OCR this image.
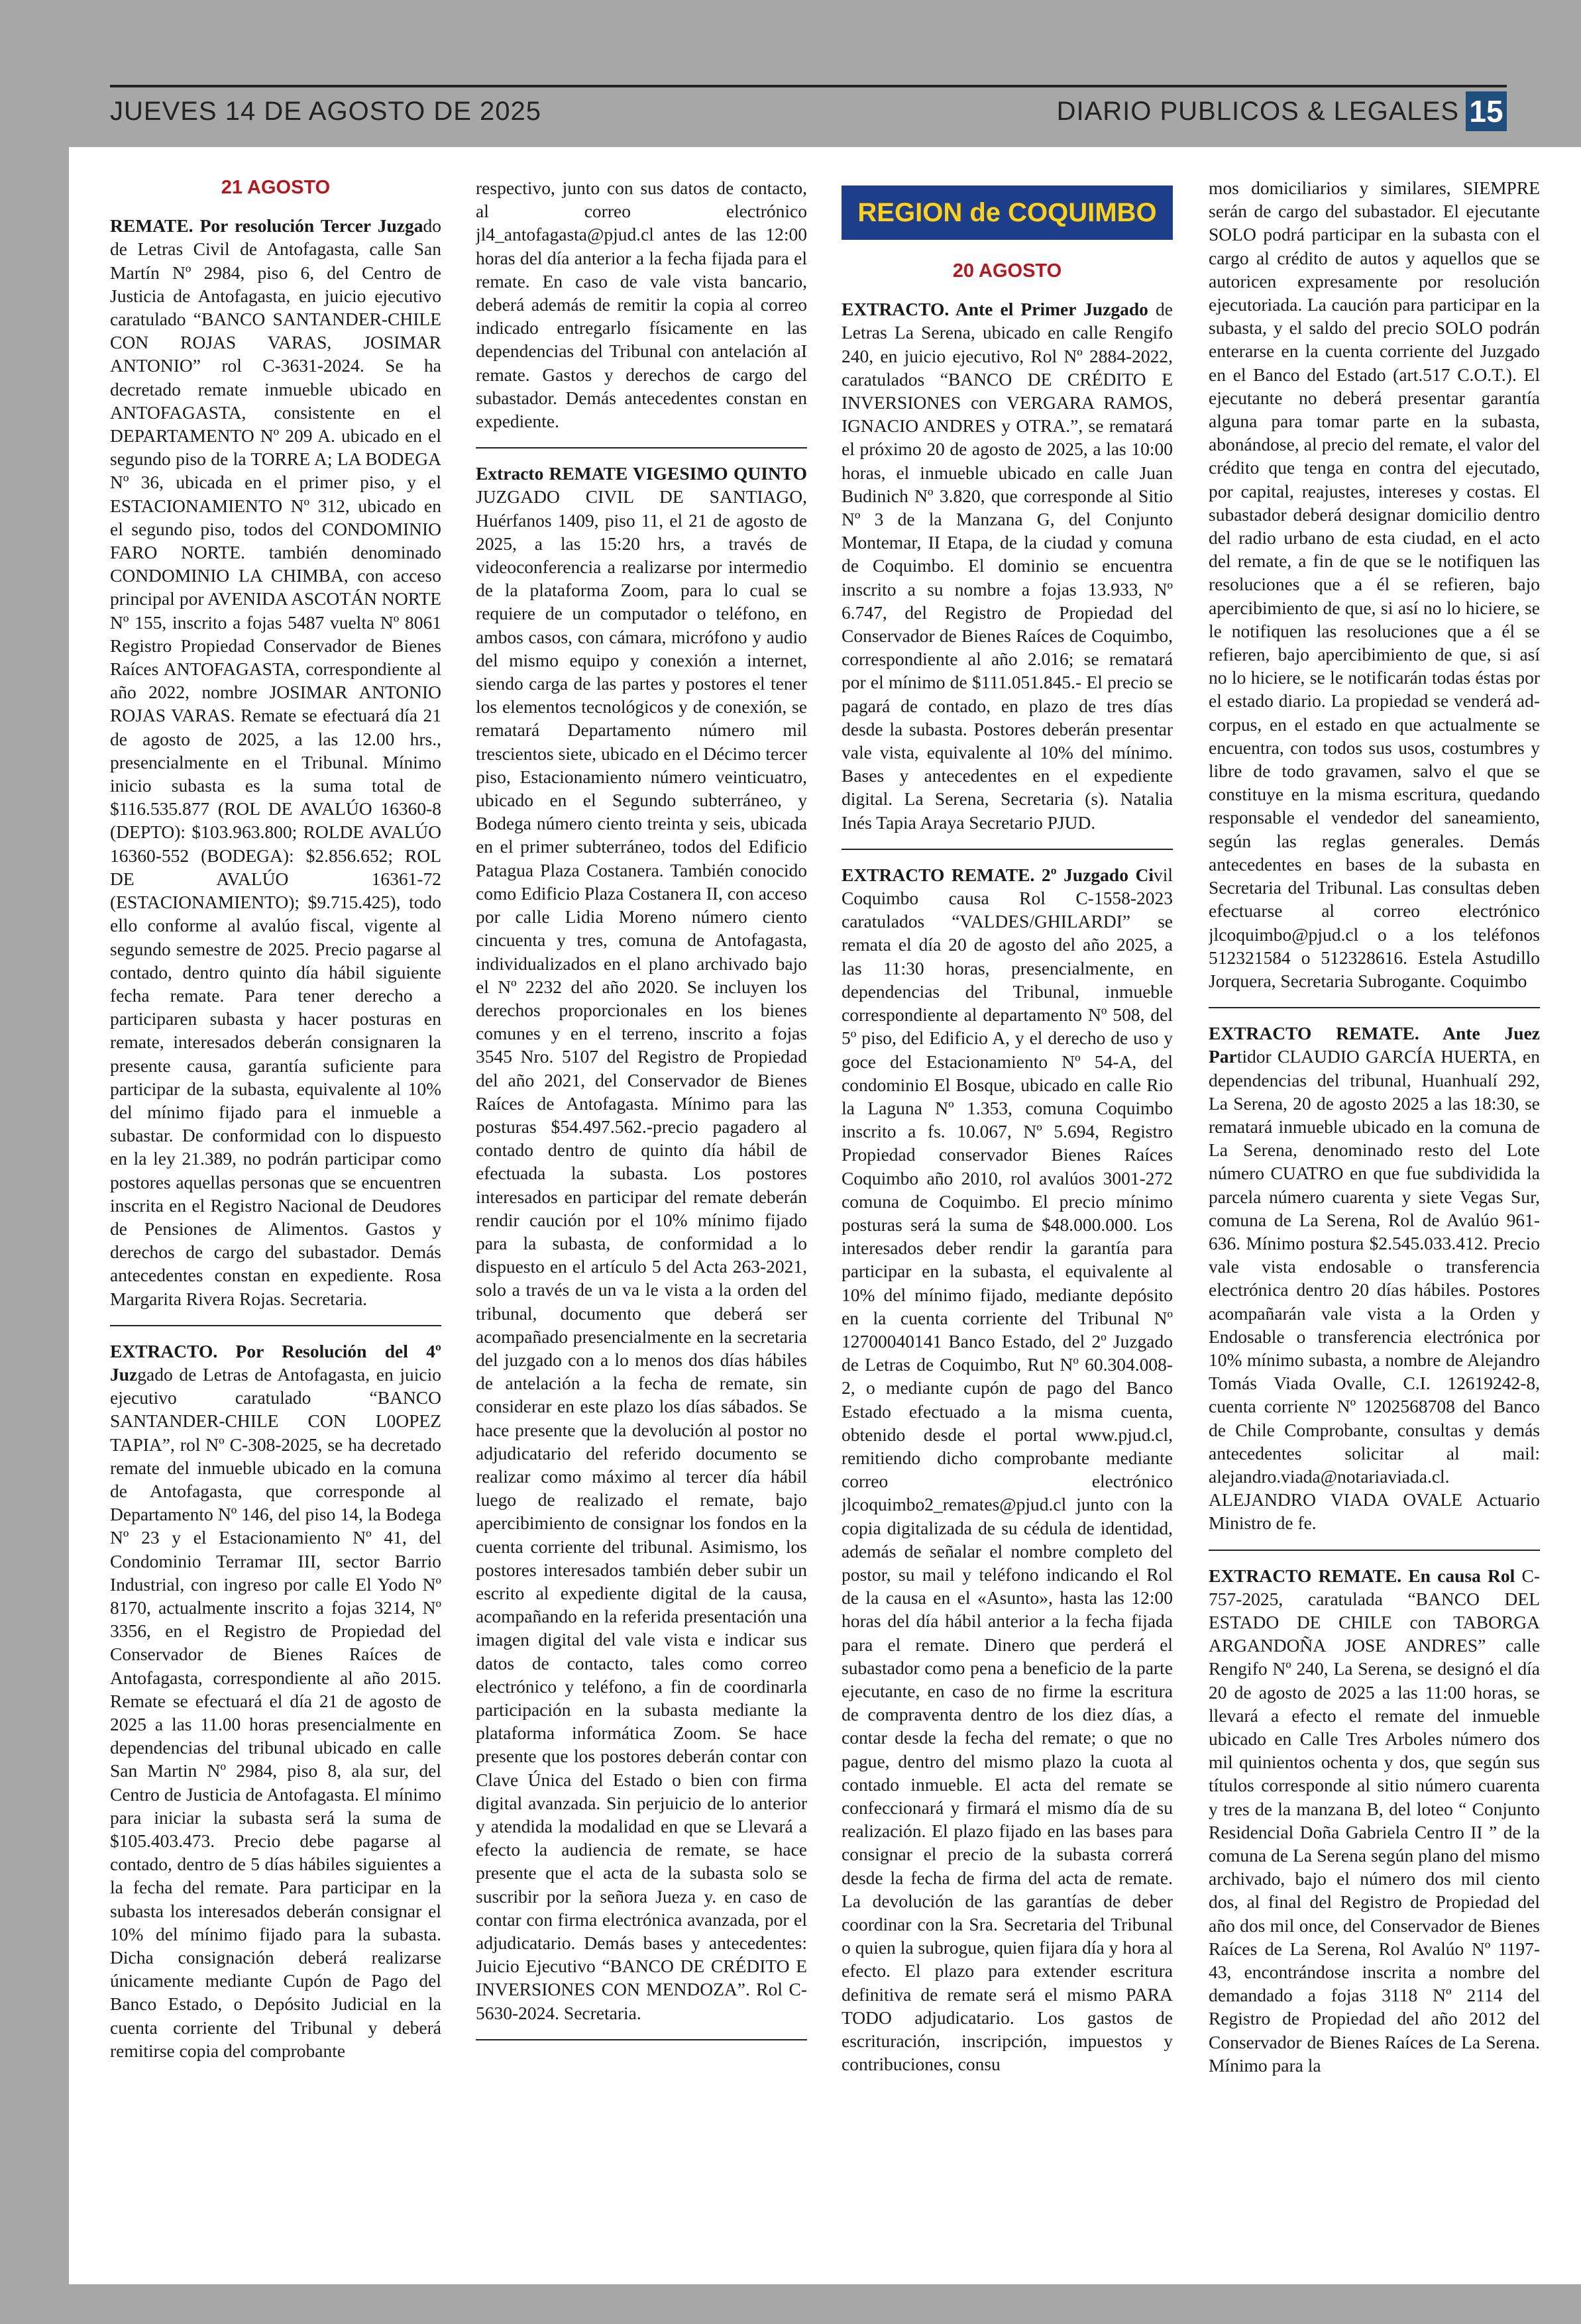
JUEVES 14 DE AGOSTO DE 2025	DIARIO PUBLICOS & LEGALES 15
21 AGOSTO

REMATE. Por resolución Tercer Juzgado de Letras Civil de Antofagasta, calle San Martín Nº 2984, piso 6, del Centro de Justicia de Antofagasta, en juicio ejecutivo caratulado “BANCO SANTANDER-CHILE CON ROJAS VARAS, JOSIMAR ANTONIO” rol C-3631-2024. Se ha decretado remate inmueble ubicado en ANTOFAGASTA, consistente en el DEPARTAMENTO Nº 209 A. ubicado en el segundo piso de la TORRE A; LA BODEGA Nº 36, ubicada en el primer piso, y el ESTACIONAMIENTO Nº 312, ubicado en el segundo piso, todos del CONDOMINIO FARO NORTE. también denominado CONDOMINIO LA CHIMBA, con acceso principal por AVENIDA ASCOTÁN NORTE Nº 155, inscrito a fojas 5487 vuelta Nº 8061 Registro Propiedad Conservador de Bienes Raíces ANTOFAGASTA, correspondiente al año 2022, nombre JOSIMAR ANTONIO ROJAS VARAS. Remate se efectuará día 21 de agosto de 2025, a las 12.00 hrs., presencialmente en el Tribunal. Mínimo inicio subasta es la suma total de $116.535.877 (ROL DE AVALÚO 16360-8 (DEPTO): $103.963.800; ROLDE AVALÚO 16360-552 (BODEGA): $2.856.652; ROL DE AVALÚO 16361-72 (ESTACIONAMIENTO); $9.715.425), todo ello conforme al avalúo fiscal, vigente al segundo semestre de 2025. Precio pagarse al contado, dentro quinto día hábil siguiente fecha remate. Para tener derecho a participaren subasta y hacer posturas en remate, interesados deberán consignaren la presente causa, garantía suficiente para participar de la subasta, equivalente al 10% del mínimo fijado para el inmueble a subastar. De conformidad con lo dispuesto en la ley 21.389, no podrán participar como postores aquellas personas que se encuentren inscrita en el Registro Nacional de Deudores de Pensiones de Alimentos. Gastos y derechos de cargo del subastador. Demás antecedentes constan en expediente. Rosa Margarita Rivera Rojas. Secretaria.

EXTRACTO. Por Resolución del 4º Juzgado de Letras de Antofagasta, en juicio ejecutivo caratulado “BANCO SANTANDER-CHILE CON L0OPEZ TAPIA”, rol Nº C-308-2025, se ha decretado remate del inmueble ubicado en la comuna de Antofagasta, que corresponde al Departamento Nº 146, del piso 14, la Bodega Nº 23 y el Estacionamiento Nº 41, del Condominio Terramar III, sector Barrio Industrial, con ingreso por calle El Yodo Nº 8170, actualmente inscrito a fojas 3214, Nº 3356, en el Registro de Propiedad del Conservador de Bienes Raíces de Antofagasta, correspondiente al año 2015. Remate se efectuará el día 21 de agosto de 2025 a las 11.00 horas presencialmente en dependencias del tribunal ubicado en calle San Martin Nº 2984, piso 8, ala sur, del Centro de Justicia de Antofagasta. El mínimo para iniciar la subasta será la suma de $105.403.473. Precio debe pagarse al contado, dentro de 5 días hábiles siguientes a la fecha del remate. Para participar en la subasta los interesados deberán consignar el 10% del mínimo fijado para la subasta. Dicha consignación deberá realizarse únicamente mediante Cupón de Pago del Banco Estado, o Depósito Judicial en la cuenta corriente del Tribunal y deberá remitirse copia del comprobante

respectivo, junto con sus datos de contacto, al correo electrónico jl4_antofagasta@pjud.cl antes de las 12:00 horas del día anterior a la fecha fijada para el remate. En caso de vale vista bancario, deberá además de remitir la copia al correo indicado entregarlo físicamente en las dependencias del Tribunal con antelación aI remate. Gastos y derechos de cargo del subastador. Demás antecedentes constan en expediente.

Extracto REMATE VIGESIMO QUINTO JUZGADO CIVIL DE SANTIAGO, Huérfanos 1409, piso 11, el 21 de agosto de 2025, a las 15:20 hrs, a través de videoconferencia a realizarse por intermedio de la plataforma Zoom, para lo cual se requiere de un computador o teléfono, en ambos casos, con cámara, micrófono y audio del mismo equipo y conexión a internet, siendo carga de las partes y postores el tener los elementos tecnológicos y de conexión, se rematará Departamento número mil trescientos siete, ubicado en el Décimo tercer piso, Estacionamiento número veinticuatro, ubicado en el Segundo subterráneo, y Bodega número ciento treinta y seis, ubicada en el primer subterráneo, todos del Edificio Patagua Plaza Costanera. También conocido como Edificio Plaza Costanera II, con acceso por calle Lidia Moreno número ciento cincuenta y tres, comuna de Antofagasta, individualizados en el plano archivado bajo el Nº 2232 del año 2020. Se incluyen los derechos proporcionales en los bienes comunes y en el terreno, inscrito a fojas 3545 Nro. 5107 del Registro de Propiedad del año 2021, del Conservador de Bienes Raíces de Antofagasta. Mínimo para las posturas $54.497.562.-precio pagadero al contado dentro de quinto día hábil de efectuada la subasta. Los postores interesados en participar del remate deberán rendir caución por el 10% mínimo fijado para la subasta, de conformidad a lo dispuesto en el artículo 5 del Acta 263-2021, solo a través de un va le vista a la orden del tribunal, documento que deberá ser acompañado presencialmente en la secretaria del juzgado con a lo menos dos días hábiles de antelación a la fecha de remate, sin considerar en este plazo los días sábados. Se hace presente que la devolución al postor no adjudicatario del referido documento se realizar como máximo al tercer día hábil luego de realizado el remate, bajo apercibimiento de consignar los fondos en la cuenta corriente del tribunal. Asimismo, los postores interesados también deber subir un escrito al expediente digital de la causa, acompañando en la referida presentación una imagen digital del vale vista e indicar sus datos de contacto, tales como correo electrónico y teléfono, a fin de coordinarla participación en la subasta mediante la plataforma informática Zoom. Se hace presente que los postores deberán contar con Clave Única del Estado o bien con firma digital avanzada. Sin perjuicio de lo anterior y atendida la modalidad en que se Llevará a efecto la audiencia de remate, se hace presente que el acta de la subasta solo se suscribir por la señora Jueza y. en caso de contar con firma electrónica avanzada, por el adjudicatario. Demás bases y antecedentes: Juicio Ejecutivo “BANCO DE CRÉDITO E INVERSIONES CON MENDOZA”. Rol C-5630-2024. Secretaria.

REGION de COQUIMBO
20 AGOSTO

EXTRACTO. Ante el Primer Juzgado de Letras La Serena, ubicado en calle Rengifo 240, en juicio ejecutivo, Rol Nº 2884-2022, caratulados “BANCO DE CRÉDITO E INVERSIONES con VERGARA RAMOS, IGNACIO ANDRES y OTRA.”, se rematará el próximo 20 de agosto de 2025, a las 10:00 horas, el inmueble ubicado en calle Juan Budinich Nº 3.820, que corresponde al Sitio Nº 3 de la Manzana G, del Conjunto Montemar, II Etapa, de la ciudad y comuna de Coquimbo. El dominio se encuentra inscrito a su nombre a fojas 13.933, Nº 6.747, del Registro de Propiedad del Conservador de Bienes Raíces de Coquimbo, correspondiente al año 2.016; se rematará por el mínimo de $111.051.845.- El precio se pagará de contado, en plazo de tres días desde la subasta. Postores deberán presentar vale vista, equivalente al 10% del mínimo. Bases y antecedentes en el expediente digital. La Serena, Secretaria (s). Natalia Inés Tapia Araya Secretario PJUD.

EXTRACTO REMATE. 2º Juzgado Civil Coquimbo causa Rol C-1558-2023 caratulados “VALDES/GHILARDI” se remata el día 20 de agosto del año 2025, a las 11:30 horas, presencialmente, en dependencias del Tribunal, inmueble correspondiente al departamento Nº 508, del 5º piso, del Edificio A, y el derecho de uso y goce del Estacionamiento Nº 54-A, del condominio El Bosque, ubicado en calle Rio la Laguna Nº 1.353, comuna Coquimbo inscrito a fs. 10.067, Nº 5.694, Registro Propiedad conservador Bienes Raíces Coquimbo año 2010, rol avalúos 3001-272 comuna de Coquimbo. El precio mínimo posturas será la suma de $48.000.000. Los interesados deber rendir la garantía para participar en la subasta, el equivalente al 10% del mínimo fijado, mediante depósito en la cuenta corriente del Tribunal Nº 12700040141 Banco Estado, del 2º Juzgado de Letras de Coquimbo, Rut Nº 60.304.008-2, o mediante cupón de pago del Banco Estado efectuado a la misma cuenta, obtenido desde el portal www.pjud.cl, remitiendo dicho comprobante mediante correo electrónico jlcoquimbo2_remates@pjud.cl junto con la copia digitalizada de su cédula de identidad, además de señalar el nombre completo del postor, su mail y teléfono indicando el Rol de la causa en el «Asunto», hasta las 12:00 horas del día hábil anterior a la fecha fijada para el remate. Dinero que perderá el subastador como pena a beneficio de la parte ejecutante, en caso de no firme la escritura de compraventa dentro de los diez días, a contar desde la fecha del remate; o que no pague, dentro del mismo plazo la cuota al contado inmueble. El acta del remate se confeccionará y firmará el mismo día de su realización. El plazo fijado en las bases para consignar el precio de la subasta correrá desde la fecha de firma del acta de remate. La devolución de las garantías de deber coordinar con la Sra. Secretaria del Tribunal o quien la subrogue, quien fijara día y hora al efecto. El plazo para extender escritura definitiva de remate será el mismo PARA TODO adjudicatario. Los gastos de escrituración, inscripción, impuestos y contribuciones, consu

mos domiciliarios y similares, SIEMPRE serán de cargo del subastador. El ejecutante SOLO podrá participar en la subasta con el cargo al crédito de autos y aquellos que se autoricen expresamente por resolución ejecutoriada. La caución para participar en la subasta, y el saldo del precio SOLO podrán enterarse en la cuenta corriente del Juzgado en el Banco del Estado (art.517 C.O.T.). El ejecutante no deberá presentar garantía alguna para tomar parte en la subasta, abonándose, al precio del remate, el valor del crédito que tenga en contra del ejecutado, por capital, reajustes, intereses y costas. El subastador deberá designar domicilio dentro del radio urbano de esta ciudad, en el acto del remate, a fin de que se le notifiquen las resoluciones que a él se refieren, bajo apercibimiento de que, si así no lo hiciere, se le notifiquen las resoluciones que a él se refieren, bajo apercibimiento de que, si así no lo hiciere, se le notificarán todas éstas por el estado diario. La propiedad se venderá ad-corpus, en el estado en que actualmente se encuentra, con todos sus usos, costumbres y libre de todo gravamen, salvo el que se constituye en la misma escritura, quedando responsable el vendedor del saneamiento, según las reglas generales. Demás antecedentes en bases de la subasta en Secretaria del Tribunal. Las consultas deben efectuarse al correo electrónico jlcoquimbo@pjud.cl o a los teléfonos 512321584 o 512328616. Estela Astudillo Jorquera, Secretaria Subrogante. Coquimbo

EXTRACTO REMATE. Ante Juez Partidor CLAUDIO GARCÍA HUERTA, en dependencias del tribunal, Huanhualí 292, La Serena, 20 de agosto 2025 a las 18:30, se rematará inmueble ubicado en la comuna de La Serena, denominado resto del Lote número CUATRO en que fue subdividida la parcela número cuarenta y siete Vegas Sur, comuna de La Serena, Rol de Avalúo 961-636. Mínimo postura $2.545.033.412. Precio vale vista endosable o transferencia electrónica dentro 20 días hábiles. Postores acompañarán vale vista a la Orden y Endosable o transferencia electrónica por 10% mínimo subasta, a nombre de Alejandro Tomás Viada Ovalle, C.I. 12619242-8, cuenta corriente Nº 1202568708 del Banco de Chile Comprobante, consultas y demás antecedentes solicitar al mail: alejandro.viada@notariaviada.cl. ALEJANDRO VIADA OVALE Actuario Ministro de fe.

EXTRACTO REMATE. En causa Rol C-757-2025, caratulada “BANCO DEL ESTADO DE CHILE con TABORGA ARGANDOÑA JOSE ANDRES” calle Rengifo Nº 240, La Serena, se designó el día 20 de agosto de 2025 a las 11:00 horas, se llevará a efecto el remate del inmueble ubicado en Calle Tres Arboles número dos mil quinientos ochenta y dos, que según sus títulos corresponde al sitio número cuarenta y tres de la manzana B, del loteo “ Conjunto Residencial Doña Gabriela Centro II ” de la comuna de La Serena según plano del mismo archivado, bajo el número dos mil ciento dos, al final del Registro de Propiedad del año dos mil once, del Conservador de Bienes Raíces de La Serena, Rol Avalúo Nº 1197-43, encontrándose inscrita a nombre del demandado a fojas 3118 Nº 2114 del Registro de Propiedad del año 2012 del Conservador de Bienes Raíces de La Serena. Mínimo para la
